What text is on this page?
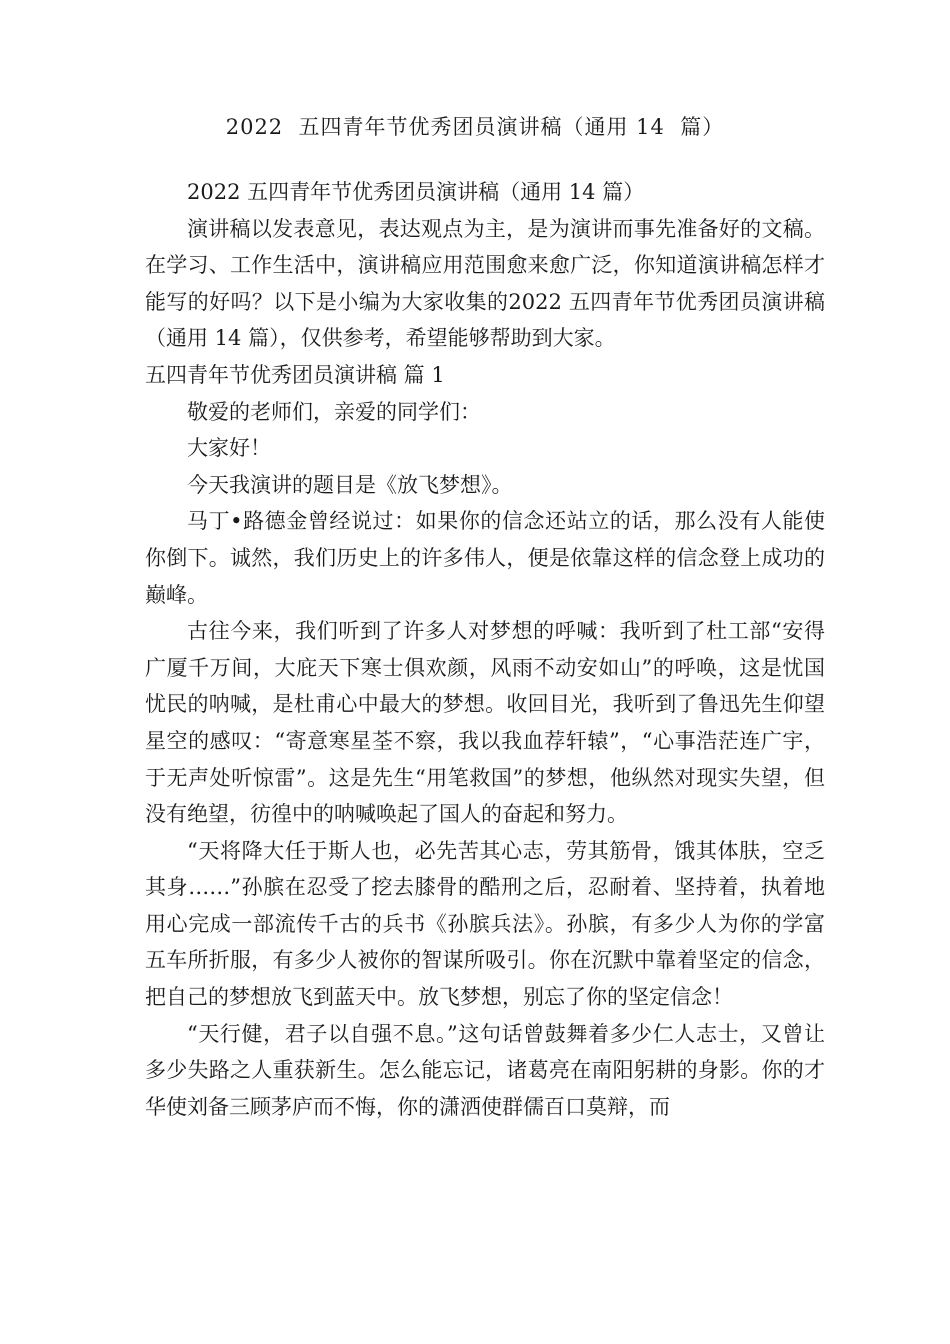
2022  五四青年节优秀团员演讲稿（通用 14  篇）

2022 五四青年节优秀团员演讲稿（通用 14 篇）

演讲稿以发表意见，表达观点为主，是为演讲而事先准备好的文稿。在学习、工作生活中，演讲稿应用范围愈来愈广泛，你知道演讲稿怎样才能写的好吗？以下是小编为大家收集的2022 五四青年节优秀团员演讲稿（通用 14 篇），仅供参考，希望能够帮助到大家。

五四青年节优秀团员演讲稿 篇 1

敬爱的老师们，亲爱的同学们：

大家好！

今天我演讲的题目是《放飞梦想》。

马丁•路德金曾经说过：如果你的信念还站立的话，那么没有人能使你倒下。诚然，我们历史上的许多伟人，便是依靠这样的信念登上成功的巅峰。

古往今来，我们听到了许多人对梦想的呼喊：我听到了杜工部“安得广厦千万间，大庇天下寒士俱欢颜，风雨不动安如山”的呼唤，这是忧国忧民的呐喊，是杜甫心中最大的梦想。收回目光，我听到了鲁迅先生仰望星空的感叹：“寄意寒星荃不察，我以我血荐轩辕”，“心事浩茫连广宇，于无声处听惊雷”。这是先生“用笔救国”的梦想，他纵然对现实失望，但没有绝望，彷徨中的呐喊唤起了国人的奋起和努力。

“天将降大任于斯人也，必先苦其心志，劳其筋骨，饿其体肤，空乏其身……”孙膑在忍受了挖去膝骨的酷刑之后，忍耐着、坚持着，执着地用心完成一部流传千古的兵书《孙膑兵法》。孙膑，有多少人为你的学富五车所折服，有多少人被你的智谋所吸引。你在沉默中靠着坚定的信念，把自己的梦想放飞到蓝天中。放飞梦想，别忘了你的坚定信念！

“天行健，君子以自强不息。”这句话曾鼓舞着多少仁人志士，又曾让多少失路之人重获新生。怎么能忘记，诸葛亮在南阳躬耕的身影。你的才华使刘备三顾茅庐而不悔，你的潇洒使群儒百口莫辩，而
